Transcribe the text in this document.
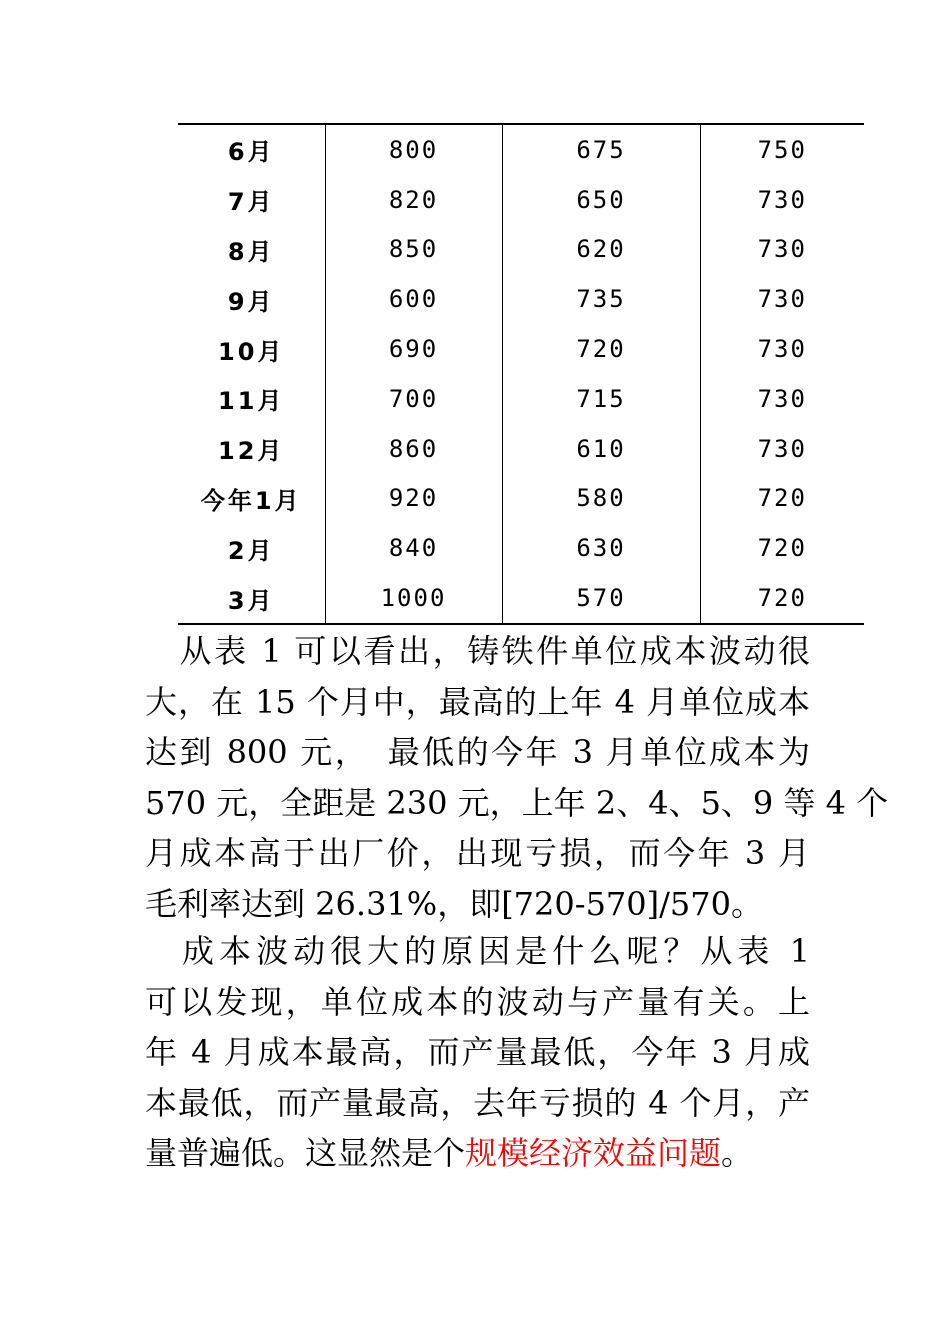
6月	800	675	750
7月	820	650	730
8月	850	620	730
9月	600	735	730
10月	690	720	730
11月	700	715	730
12月	860	610	730
今年1月	920	580	720
2月	840	630	720
3月	1000	570	720

　从表 1 可以看出，铸铁件单位成本波动很
大，在 15 个月中，最高的上年 4 月单位成本
达到 800 元，　最低的今年 3 月单位成本为
570 元，全距是 230 元，上年 2、4、5、9 等 4 个
月成本高于出厂价，出现亏损，而今年 3 月
毛利率达到 26.31%，即[720-570]/570。

　成本波动很大的原因是什么呢？从表 1
可以发现，单位成本的波动与产量有关。上
年 4 月成本最高，而产量最低，今年 3 月成
本最低，而产量最高，去年亏损的 4 个月，产
量普遍低。这显然是个规模经济效益问题。
